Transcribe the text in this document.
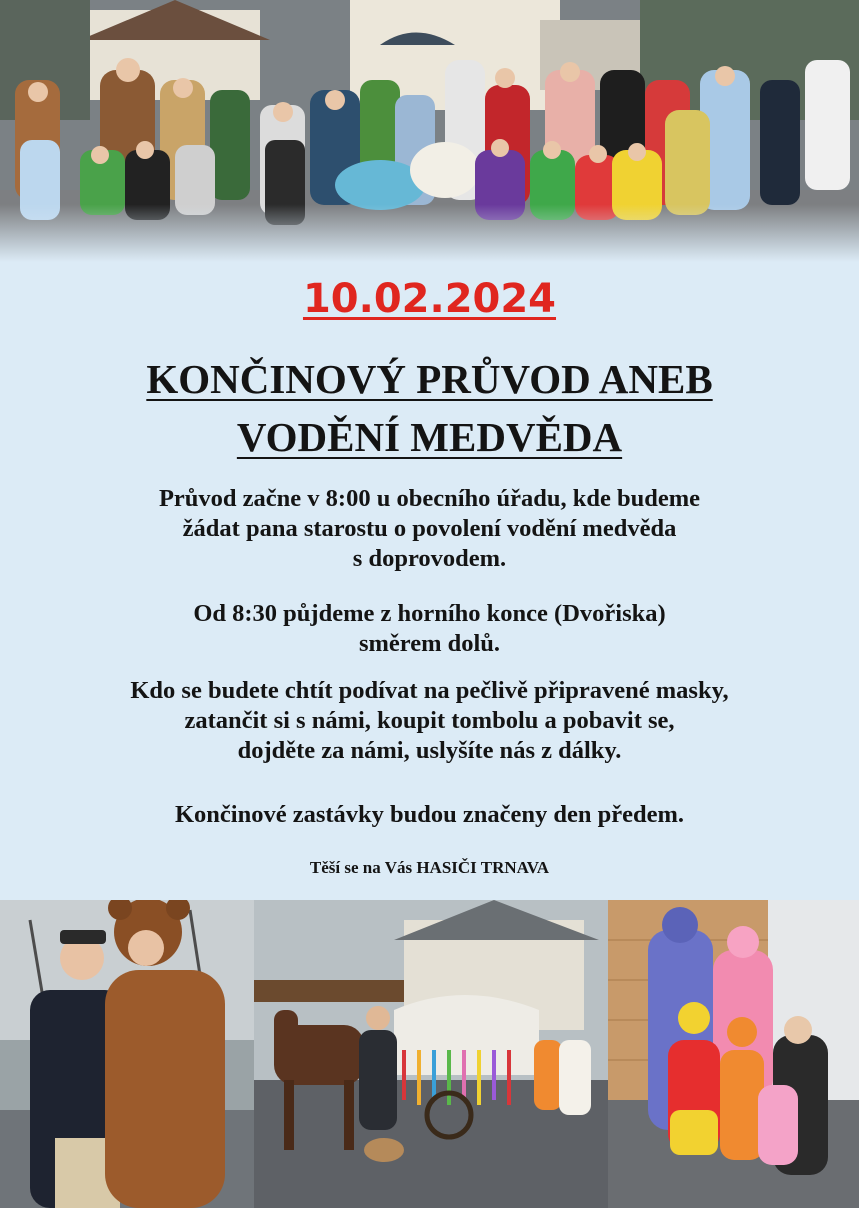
10.02.2024
KONČINOVÝ PRŮVOD ANEB
VODĚNÍ MEDVĚDA
Průvod začne v 8:00 u obecního úřadu, kde budeme
žádat pana starostu o povolení vodění medvěda
s doprovodem.
Od 8:30 půjdeme z horního konce (Dvořiska)
směrem dolů.
Kdo se budete chtít podívat na pečlivě připravené masky,
zatančit si s námi, koupit tombolu a pobavit se,
dojděte za námi, uslyšíte nás z dálky.
Končinové zastávky budou značeny den předem.
Těší se na Vás HASIČI TRNAVA
